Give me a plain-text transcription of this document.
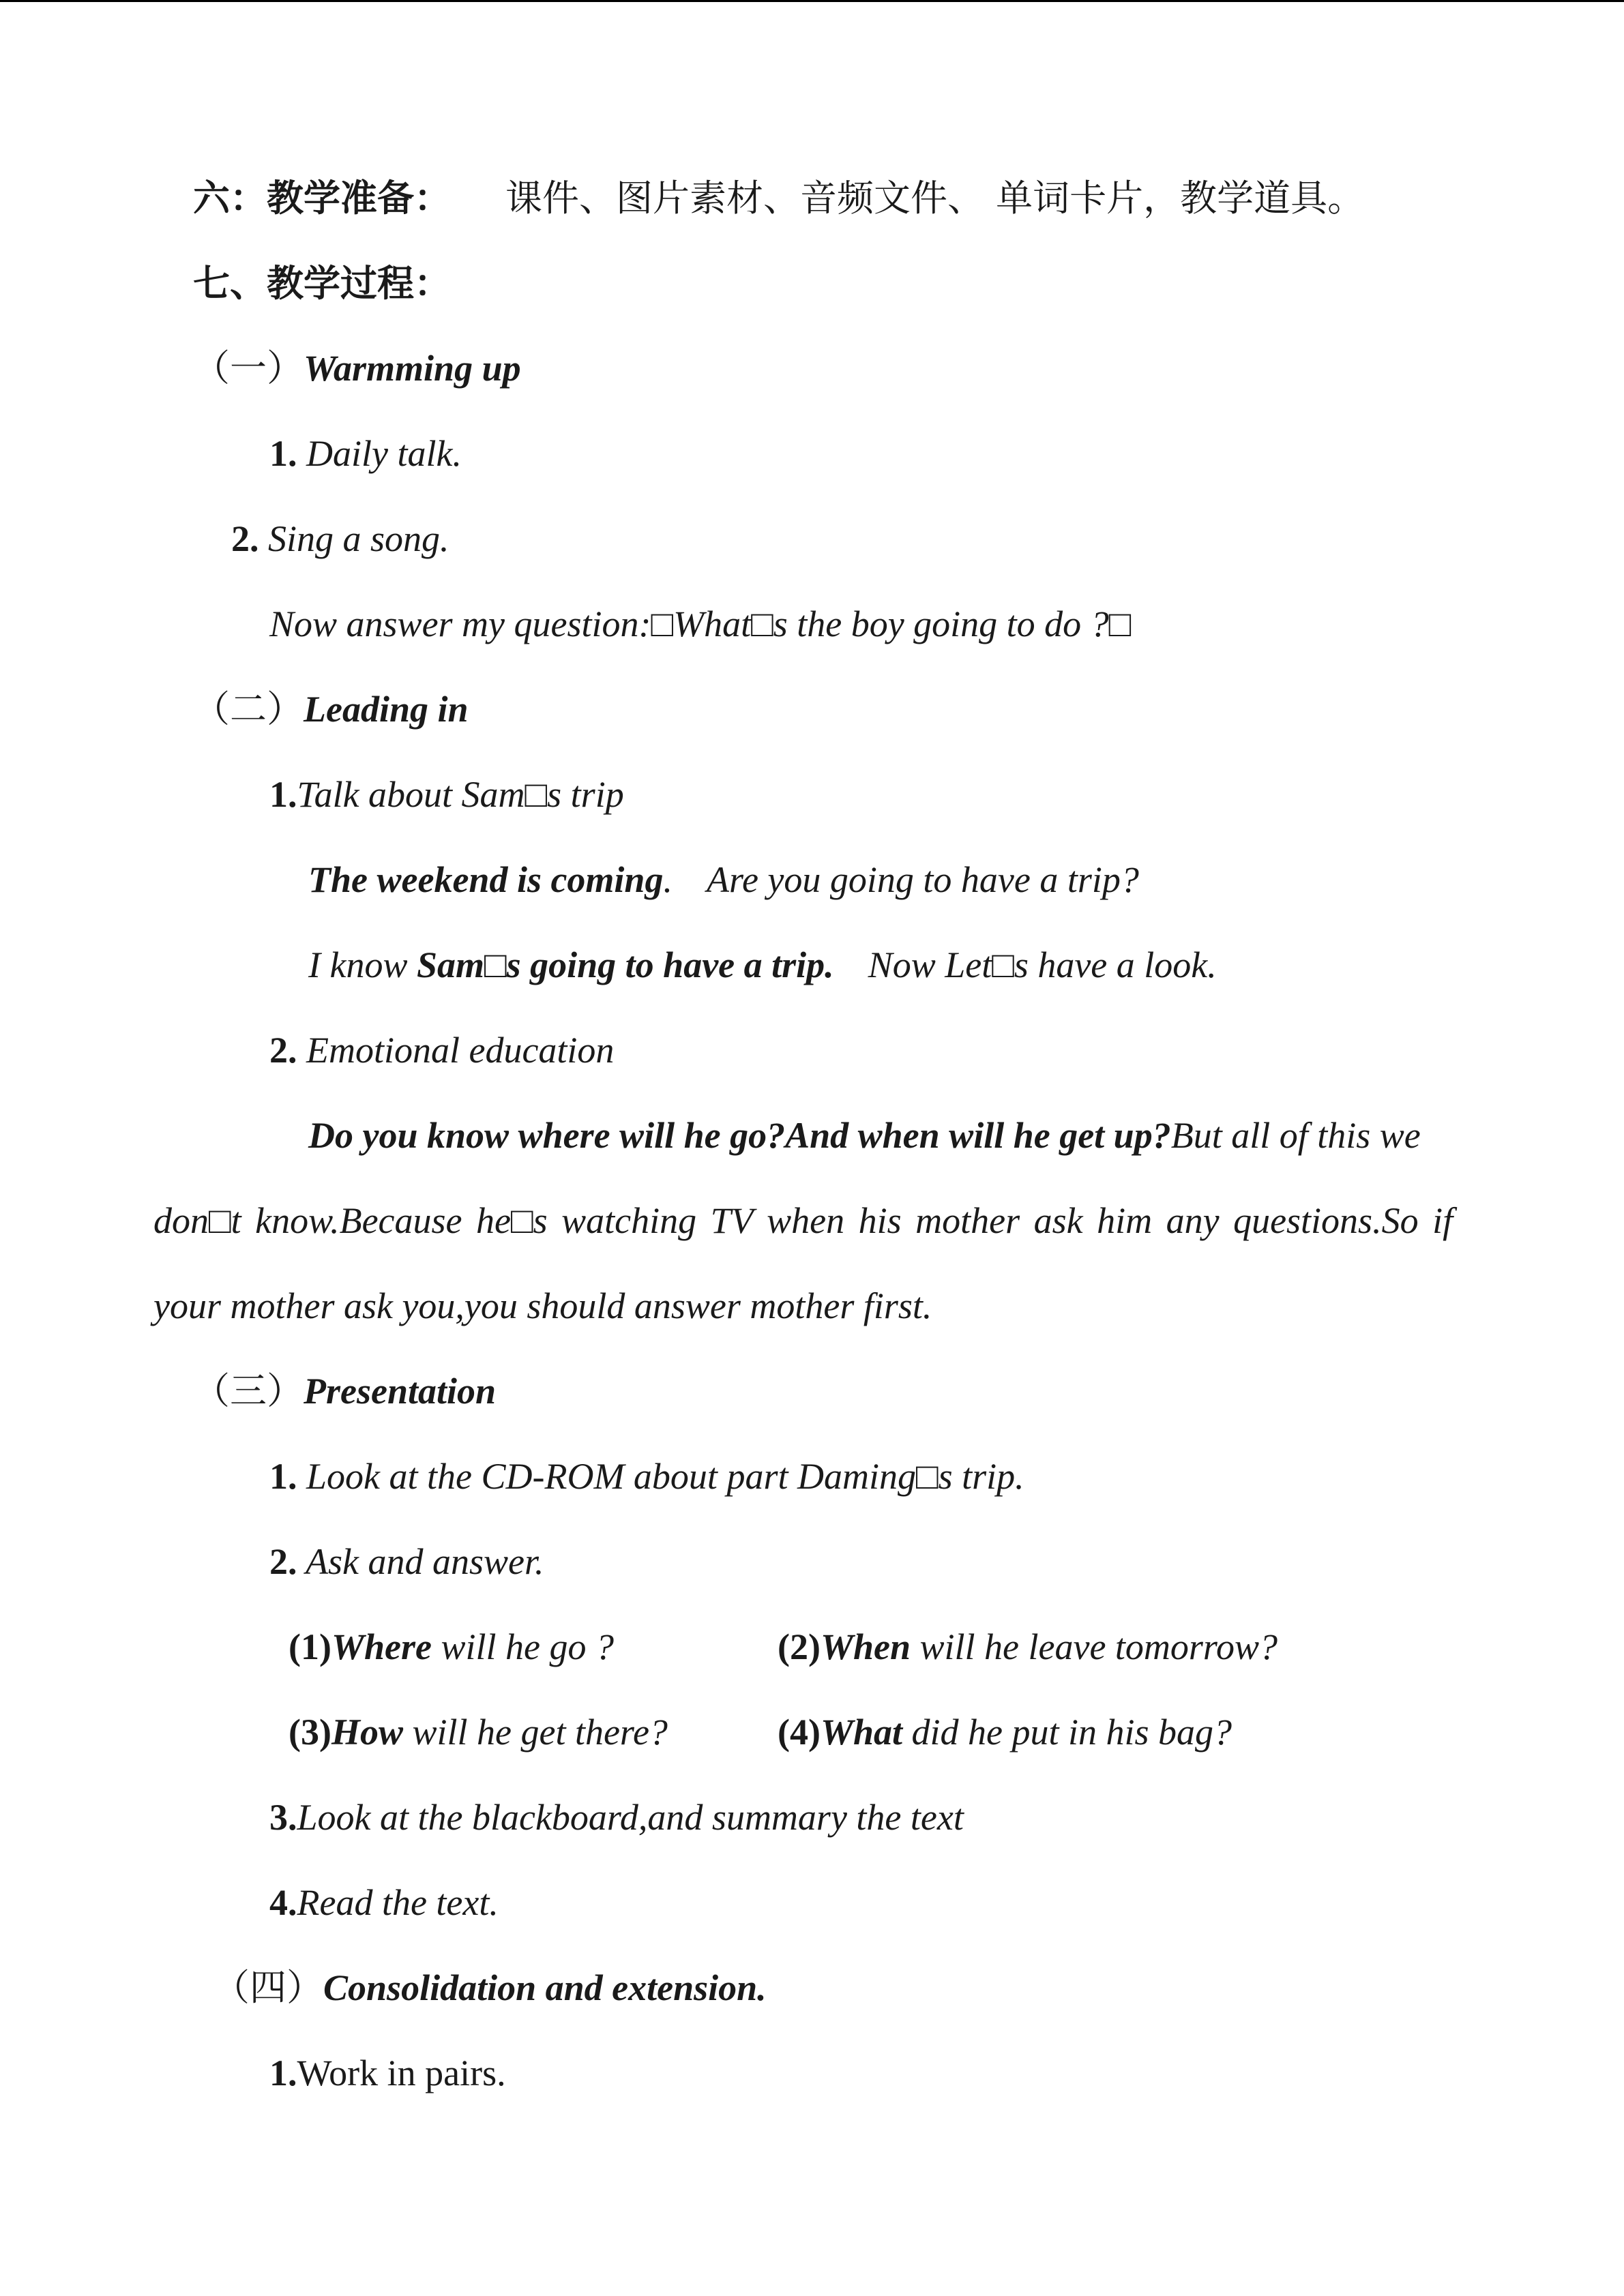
六：教学准备： 课件、图片素材、音频文件、 单词卡片，教学道具。
七、教学过程：
（一）Warmming up
1. Daily talk.
2. Sing a song.
Now answer my question:□What□s the boy going to do ?□
（二）Leading in
1.Talk about Sam□s trip
The weekend is coming. Are you going to have a trip?
I know Sam□s going to have a trip. Now Let□s have a look.
2. Emotional education
Do you know where will he go?And when will he get up?But all of this we
don□t know.Because he□s watching TV when his mother ask him any questions.So if
your mother ask you,you should answer mother first.
（三）Presentation
1. Look at the CD-ROM about part Daming□s trip.
2. Ask and answer.
(1)Where will he go ?	(2)When will he leave tomorrow?
(3)How will he get there?	(4)What did he put in his bag?
3.Look at the blackboard,and summary the text
4.Read the text.
（四）Consolidation and extension.
1.Work in pairs.
